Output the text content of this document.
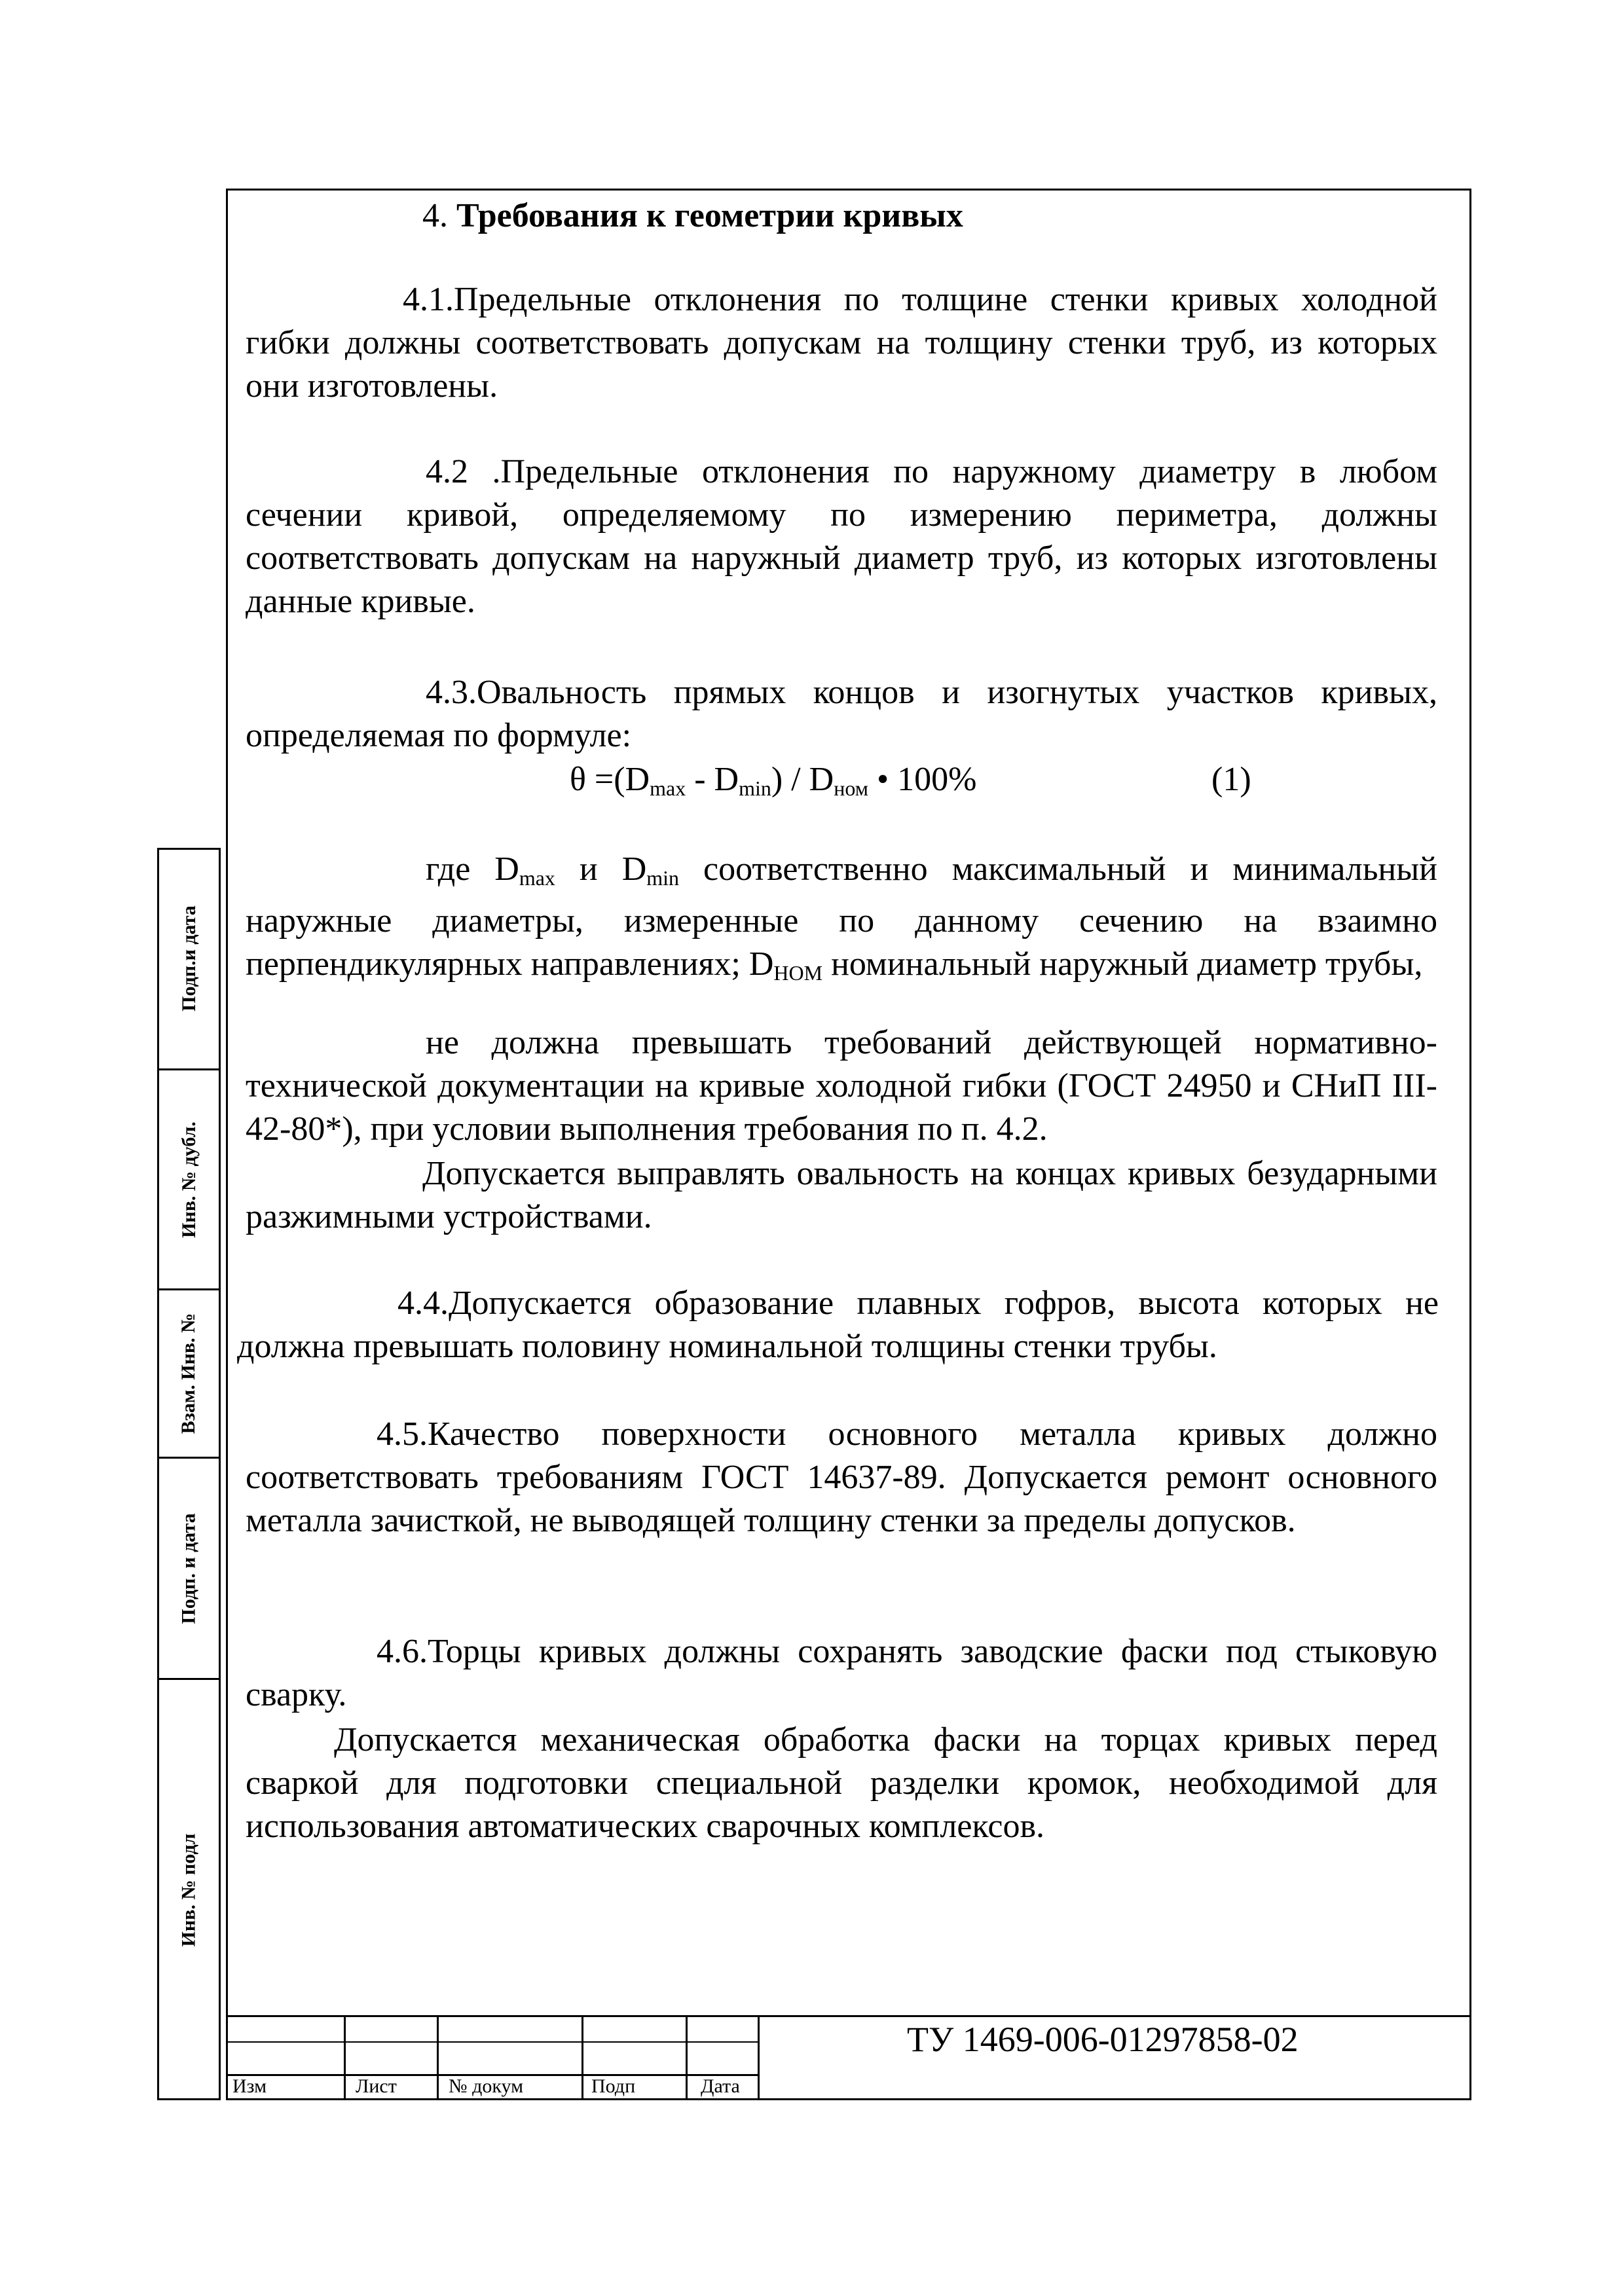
4. Требования к геометрии кривых
4.1.Предельные отклонения по толщине стенки кривых холодной гибки должны соответствовать допускам на толщину стенки труб, из которых они изготовлены.
4.2 .Предельные отклонения по наружному диаметру в любом сечении кривой, определяемому по измерению периметра, должны соответствовать допускам на наружный диаметр труб, из которых изготовлены данные кривые.
4.3.Овальность прямых концов и изогнутых участков кривых, определяемая по формуле:
$\theta =(D_{max} - D_{min}) / D_{ном}$ • 100%	(1)
где $D_{max}$ и $D_{min}$ соответственно максимальный и минимальный наружные диаметры, измеренные по данному сечению на взаимно перпендикулярных направлениях; $D_{НОМ}$ номинальный наружный диаметр трубы,
не должна превышать требований действующей нормативно-технической документации на кривые холодной гибки (ГОСТ 24950 и СНиП III-42-80*), при условии выполнения требования по п. 4.2.
Допускается выправлять овальность на концах кривых безударными разжимными устройствами.
4.4.Допускается образование плавных гофров, высота которых не должна превышать половину номинальной толщины стенки трубы.
4.5.Качество поверхности основного металла кривых должно соответствовать требованиям ГОСТ 14637-89. Допускается ремонт основного металла зачисткой, не выводящей толщину стенки за пределы допусков.
4.6.Торцы кривых должны сохранять заводские фаски под стыковую сварку.
Допускается механическая обработка фаски на торцах кривых перед сваркой для подготовки специальной разделки кромок, необходимой для использования автоматических сварочных комплексов.
Подп.и дата
Инв. № дубл.
Взам. Инв. №
Подп. и дата
Инв. № подл
Изм	Лист	№ докум	Подп	Дата
ТУ 1469-006-01297858-02
